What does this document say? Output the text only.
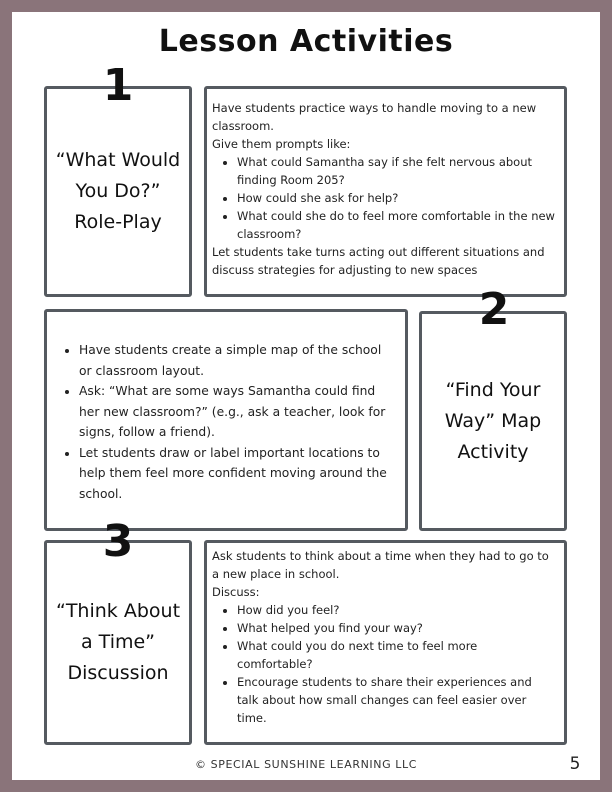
Lesson Activities
“What Would
You Do?”
Role-Play
1	Have students practice ways to handle moving to a new classroom.

Give them prompts like:

• What could Samantha say if she felt nervous about finding Room 205?
• How could she ask for help?
• What could she do to feel more comfortable in the new classroom?

Let students take turns acting out different situations and discuss strategies for adjusting to new spaces

• Have students create a simple map of the school or classroom layout.
• Ask: “What are some ways Samantha could find her new classroom?” (e.g., ask a teacher, look for signs, follow a friend).
• Let students draw or label important locations to help them feel more confident moving around the school.
“Find Your
Way” Map
Activity
2
“Think About
a Time”
Discussion
3	Ask students to think about a time when they had to go to a new place in school.

Discuss:

• How did you feel?
• What helped you find your way?
• What could you do next time to feel more comfortable?
• Encourage students to share their experiences and talk about how small changes can feel easier over time.
© SPECIAL SUNSHINE LEARNING LLC	5
